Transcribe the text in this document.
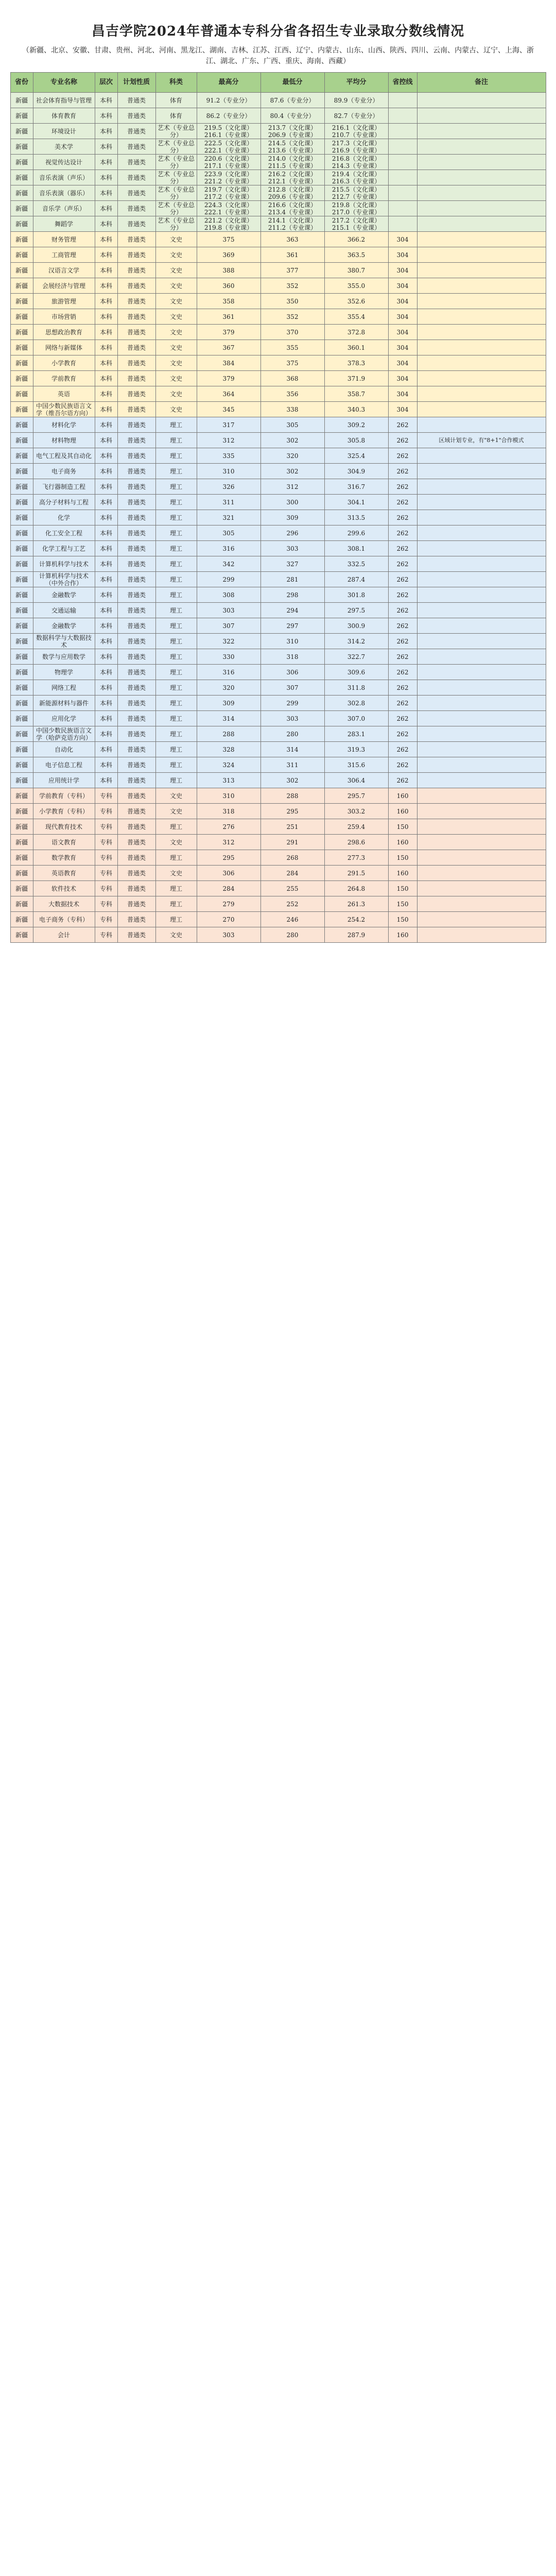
昌吉学院2024年普通本专科分省各招生专业录取分数线情况
（新疆、北京、安徽、甘肃、贵州、河北、河南、黑龙江、湖南、吉林、江苏、江西、辽宁、内蒙古、山东、山西、陕西、四川、云南、内蒙古、辽宁、上海、浙江、湖北、广东、广西、重庆、海南、西藏）
省份	专业名称	层次	计划性质	科类	最高分	最低分	平均分	省控线	备注
新疆	社会体育指导与管理	本科	普通类	体育	91.2（专业分）	87.6（专业分）	89.9（专业分）		
新疆	体育教育	本科	普通类	体育	86.2（专业分）	80.4（专业分）	82.7（专业分）		
新疆	环境设计	本科	普通类	艺术（专业总分）	219.5（文化课）216.1（专业课）	213.7（文化课）206.9（专业课）	216.1（文化课）210.7（专业课）		
新疆	美术学	本科	普通类	艺术（专业总分）	222.5（文化课）222.1（专业课）	214.5（文化课）213.6（专业课）	217.3（文化课）216.9（专业课）		
新疆	视觉传达设计	本科	普通类	艺术（专业总分）	220.6（文化课）217.1（专业课）	214.0（文化课）211.5（专业课）	216.8（文化课）214.3（专业课）		
新疆	音乐表演（声乐）	本科	普通类	艺术（专业总分）	223.9（文化课）221.2（专业课）	216.2（文化课）212.1（专业课）	219.4（文化课）216.3（专业课）		
新疆	音乐表演（器乐）	本科	普通类	艺术（专业总分）	219.7（文化课）217.2（专业课）	212.8（文化课）209.6（专业课）	215.5（文化课）212.7（专业课）		
新疆	音乐学（声乐）	本科	普通类	艺术（专业总分）	224.3（文化课）222.1（专业课）	216.6（文化课）213.4（专业课）	219.8（文化课）217.0（专业课）		
新疆	舞蹈学	本科	普通类	艺术（专业总分）	221.2（文化课）219.8（专业课）	214.1（文化课）211.2（专业课）	217.2（文化课）215.1（专业课）		
新疆	财务管理	本科	普通类	文史	375	363	366.2	304	
新疆	工商管理	本科	普通类	文史	369	361	363.5	304	
新疆	汉语言文学	本科	普通类	文史	388	377	380.7	304	
新疆	会展经济与管理	本科	普通类	文史	360	352	355.0	304	
新疆	旅游管理	本科	普通类	文史	358	350	352.6	304	
新疆	市场营销	本科	普通类	文史	361	352	355.4	304	
新疆	思想政治教育	本科	普通类	文史	379	370	372.8	304	
新疆	网络与新媒体	本科	普通类	文史	367	355	360.1	304	
新疆	小学教育	本科	普通类	文史	384	375	378.3	304	
新疆	学前教育	本科	普通类	文史	379	368	371.9	304	
新疆	英语	本科	普通类	文史	364	356	358.7	304	
新疆	中国少数民族语言文学（维吾尔语方向）	本科	普通类	文史	345	338	340.3	304	
新疆	材料化学	本科	普通类	理工	317	305	309.2	262	
新疆	材料物理	本科	普通类	理工	312	302	305.8	262	区域计划专业，有"8+1"合作模式
新疆	电气工程及其自动化	本科	普通类	理工	335	320	325.4	262	
新疆	电子商务	本科	普通类	理工	310	302	304.9	262	
新疆	飞行器制造工程	本科	普通类	理工	326	312	316.7	262	
新疆	高分子材料与工程	本科	普通类	理工	311	300	304.1	262	
新疆	化学	本科	普通类	理工	321	309	313.5	262	
新疆	化工安全工程	本科	普通类	理工	305	296	299.6	262	
新疆	化学工程与工艺	本科	普通类	理工	316	303	308.1	262	
新疆	计算机科学与技术	本科	普通类	理工	342	327	332.5	262	
新疆	计算机科学与技术（中外合作）	本科	普通类	理工	299	281	287.4	262	
新疆	金融数学	本科	普通类	理工	308	298	301.8	262	
新疆	交通运输	本科	普通类	理工	303	294	297.5	262	
新疆	金融数学	本科	普通类	理工	307	297	300.9	262	
新疆	数据科学与大数据技术	本科	普通类	理工	322	310	314.2	262	
新疆	数学与应用数学	本科	普通类	理工	330	318	322.7	262	
新疆	物理学	本科	普通类	理工	316	306	309.6	262	
新疆	网络工程	本科	普通类	理工	320	307	311.8	262	
新疆	新能源材料与器件	本科	普通类	理工	309	299	302.8	262	
新疆	应用化学	本科	普通类	理工	314	303	307.0	262	
新疆	中国少数民族语言文学（哈萨克语方向）	本科	普通类	理工	288	280	283.1	262	
新疆	自动化	本科	普通类	理工	328	314	319.3	262	
新疆	电子信息工程	本科	普通类	理工	324	311	315.6	262	
新疆	应用统计学	本科	普通类	理工	313	302	306.4	262	
新疆	学前教育（专科）	专科	普通类	文史	310	288	295.7	160	
新疆	小学教育（专科）	专科	普通类	文史	318	295	303.2	160	
新疆	现代教育技术	专科	普通类	理工	276	251	259.4	150	
新疆	语文教育	专科	普通类	文史	312	291	298.6	160	
新疆	数学教育	专科	普通类	理工	295	268	277.3	150	
新疆	英语教育	专科	普通类	文史	306	284	291.5	160	
新疆	软件技术	专科	普通类	理工	284	255	264.8	150	
新疆	大数据技术	专科	普通类	理工	279	252	261.3	150	
新疆	电子商务（专科）	专科	普通类	理工	270	246	254.2	150	
新疆	会计	专科	普通类	文史	303	280	287.9	160	
